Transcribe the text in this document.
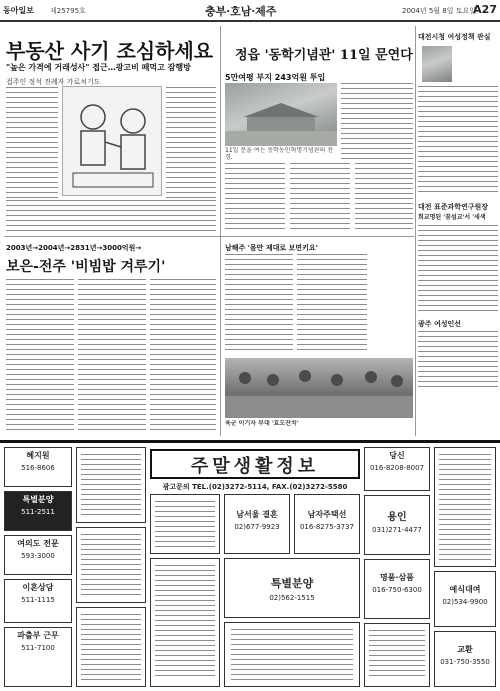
동아일보 제25795호	충부·호남·제주	2004년 5월 8일 토요일
A27
부동산 사기 조심하세요
"높은 가격에 거래성사" 접근…광고비 떼먹고 잠행방
접주인 정석 진례자 가로처기도
정읍 '동학기념관' 11일 문연다
5만여평 부지 243억원 투입
11일 문을 여는 동학농민혁명기념관의 전경.
2003년→2004년→2831년→3000억원→
보은-전주 '비빔밥 겨루기'
남해주 '몸만 제대로 보면키요'
육군 이기자 부대 '효도잔치'
대전시청 여성정책 관실
대전 표준과학연구원장
희교명된 '꿈섬교'서 '새색
광주 여성인선
주말생활정보
광고문의 TEL.(02)3272-5114, FAX.(02)3272-5580
혜지원
516-8606
특별분양
511-2511
여의도 전문
593-3000
이혼상담
511-1115
파출부 근무
511-7100
남서울 결혼
02)677-9923
남자주택선
016-8275-3737
특별분양
02)562-1515
당신
016-8208-8007
용인
031)271-4477
명품·삼품
016-750-6300	예식대여
02)534-9900
교환
031-750-3550
